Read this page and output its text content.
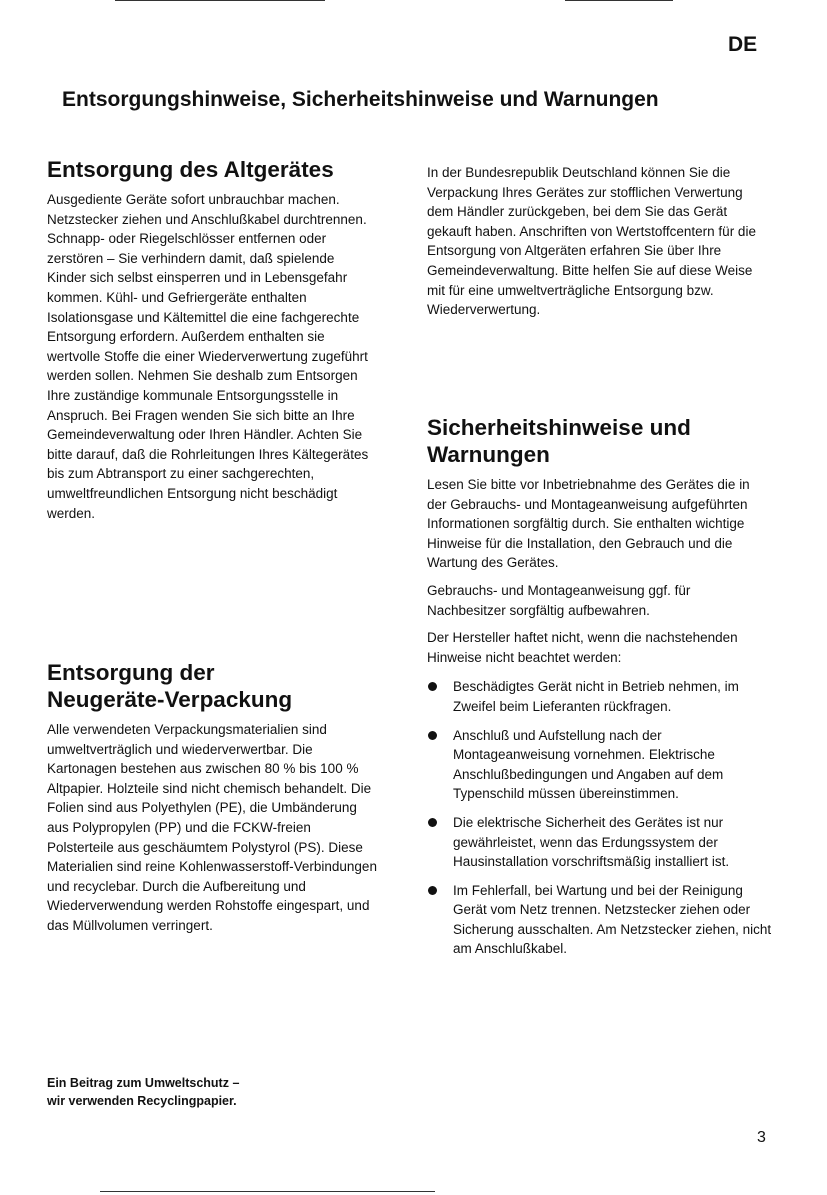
DE
Entsorgungshinweise, Sicherheitshinweise und Warnungen
Entsorgung des Altgerätes

Ausgediente Geräte sofort unbrauchbar machen. Netzstecker ziehen und Anschlußkabel durchtrennen. Schnapp- oder Riegelschlösser entfernen oder zerstören – Sie verhindern damit, daß spielende Kinder sich selbst einsperren und in Lebensgefahr kommen. Kühl- und Gefriergeräte enthalten Isolationsgase und Kältemittel die eine fachgerechte Entsorgung erfordern. Außerdem enthalten sie wertvolle Stoffe die einer Wiederverwertung zugeführt werden sollen. Nehmen Sie deshalb zum Entsorgen Ihre zuständige kommunale Entsorgungsstelle in Anspruch. Bei Fragen wenden Sie sich bitte an Ihre Gemeindeverwaltung oder Ihren Händler. Achten Sie bitte darauf, daß die Rohrleitungen Ihres Kältegerätes bis zum Abtransport zu einer sachgerechten, umweltfreundlichen Entsorgung nicht beschädigt werden.

Entsorgung der
Neugeräte-Verpackung

Alle verwendeten Verpackungsmaterialien sind umweltverträglich und wiederverwertbar. Die Kartonagen bestehen aus zwischen 80 % bis 100 % Altpapier. Holzteile sind nicht chemisch behandelt. Die Folien sind aus Polyethylen (PE), die Umbänderung aus Polypropylen (PP) und die FCKW-freien Polsterteile aus geschäumtem Polystyrol (PS). Diese Materialien sind reine Kohlenwasserstoff-Verbindungen und recyclebar. Durch die Aufbereitung und Wiederverwendung werden Rohstoffe eingespart, und das Müllvolumen verringert.

Ein Beitrag zum Umweltschutz –
wir verwenden Recyclingpapier.

In der Bundesrepublik Deutschland können Sie die Verpackung Ihres Gerätes zur stofflichen Verwertung dem Händler zurückgeben, bei dem Sie das Gerät gekauft haben. Anschriften von Wertstoffcentern für die Entsorgung von Altgeräten erfahren Sie über Ihre Gemeindeverwaltung. Bitte helfen Sie auf diese Weise mit für eine umweltverträgliche Entsorgung bzw. Wiederverwertung.

Sicherheitshinweise und
Warnungen

Lesen Sie bitte vor Inbetriebnahme des Gerätes die in der Gebrauchs- und Montageanweisung aufgeführten Informationen sorgfältig durch. Sie enthalten wichtige Hinweise für die Installation, den Gebrauch und die Wartung des Gerätes.

Gebrauchs- und Montageanweisung ggf. für Nachbesitzer sorgfältig aufbewahren.

Der Hersteller haftet nicht, wenn die nachstehenden Hinweise nicht beachtet werden:

Beschädigtes Gerät nicht in Betrieb nehmen, im Zweifel beim Lieferanten rückfragen.
Anschluß und Aufstellung nach der Montageanweisung vornehmen. Elektrische Anschlußbedingungen und Angaben auf dem Typenschild müssen übereinstimmen.
Die elektrische Sicherheit des Gerätes ist nur gewährleistet, wenn das Erdungssystem der Hausinstallation vorschriftsmäßig installiert ist.
Im Fehlerfall, bei Wartung und bei der Reinigung Gerät vom Netz trennen. Netzstecker ziehen oder Sicherung ausschalten. Am Netzstecker ziehen, nicht am Anschlußkabel.
3
